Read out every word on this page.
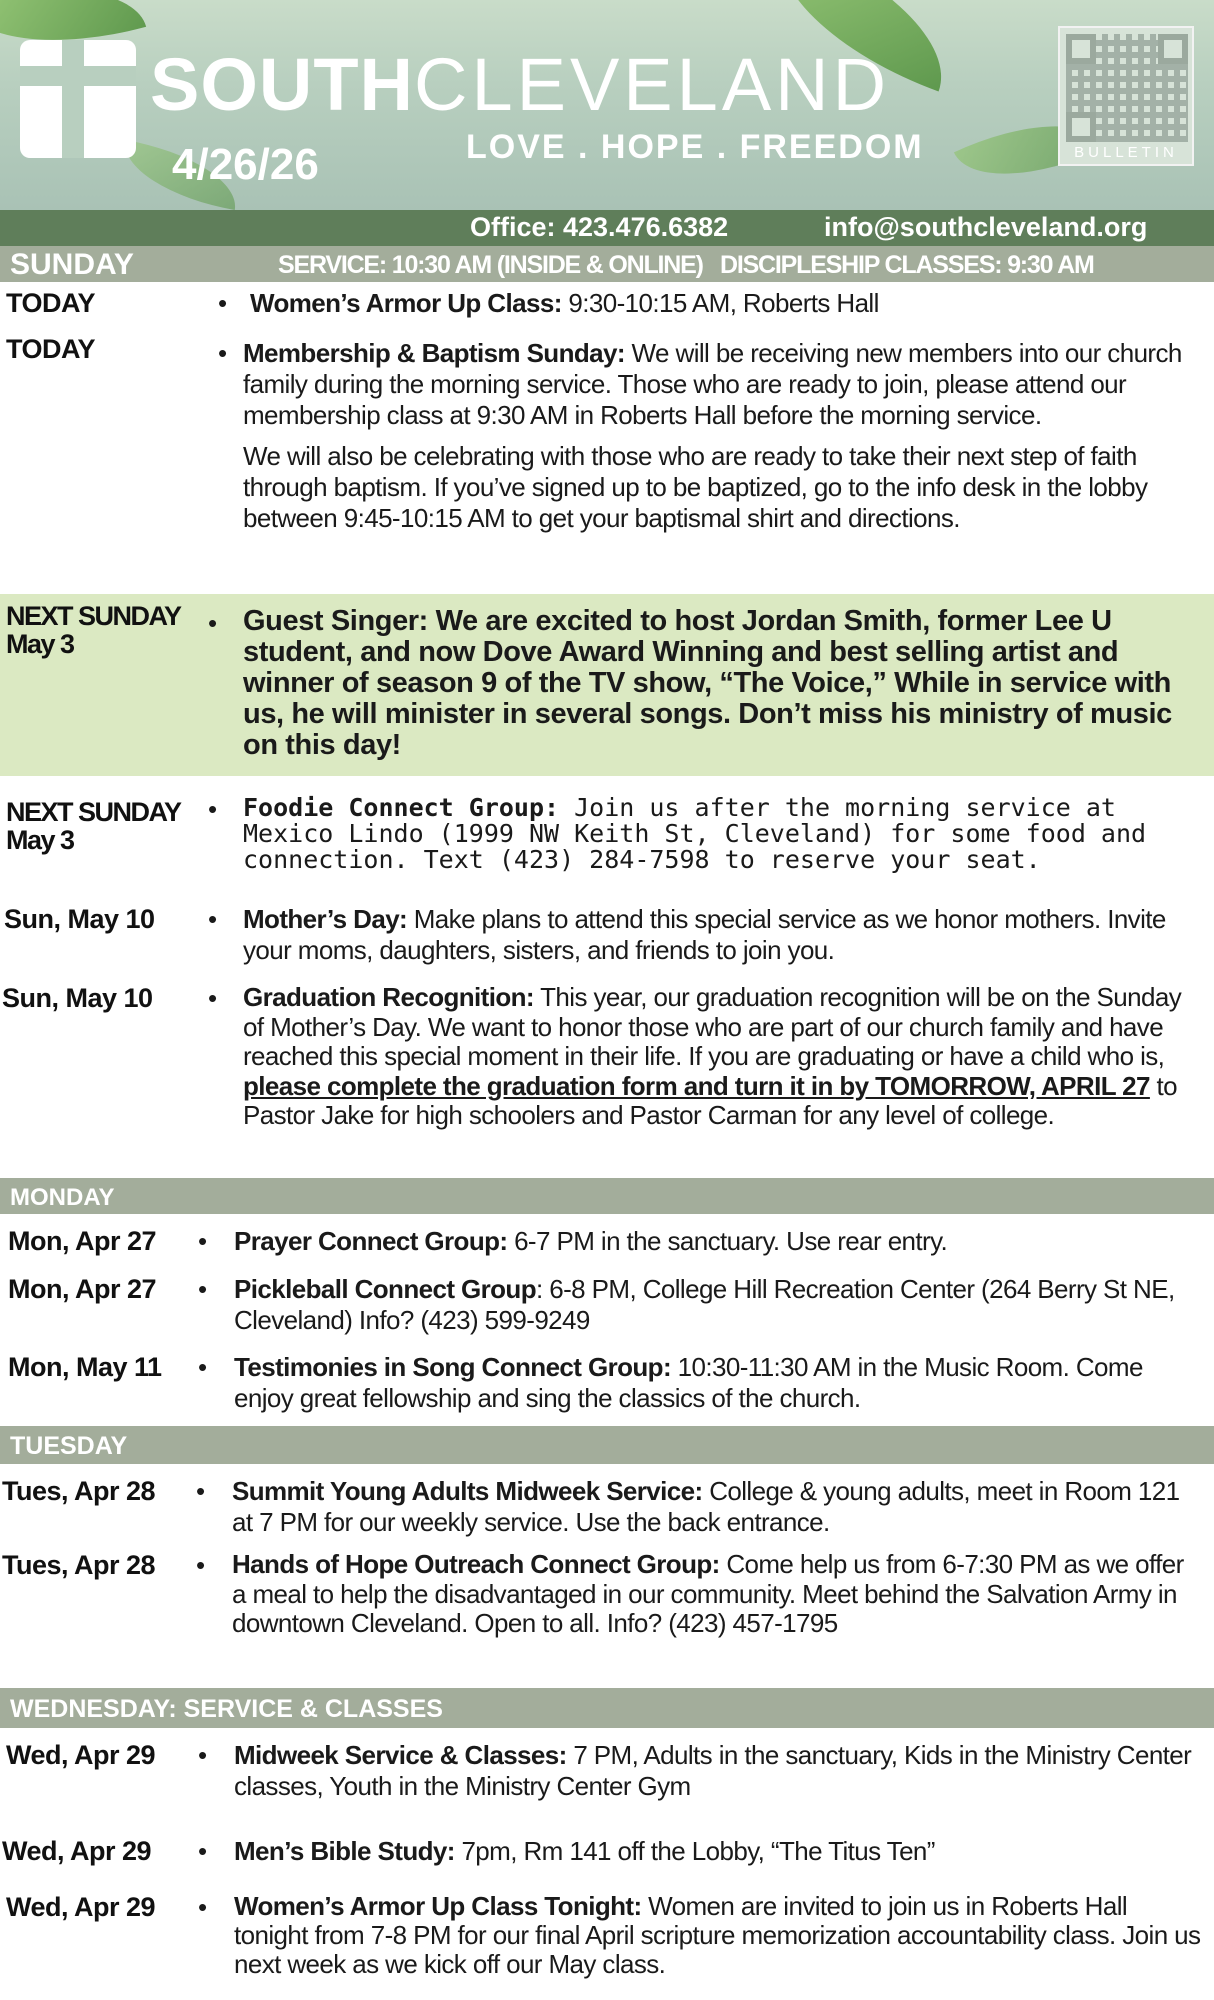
SOUTHCLEVELAND
4/26/26	LOVE . HOPE . FREEDOM	BULLETIN
Office: 423.476.6382	info@southcleveland.org
SUNDAY	SERVICE: 10:30 AM (INSIDE & ONLINE)   DISCIPLESHIP CLASSES: 9:30 AM
TODAY	• Women’s Armor Up Class: 9:30-10:15 AM, Roberts Hall
TODAY	• Membership & Baptism Sunday: We will be receiving new members into our church family during the morning service. Those who are ready to join, please attend our membership class at 9:30 AM in Roberts Hall before the morning service.
We will also be celebrating with those who are ready to take their next step of faith through baptism. If you’ve signed up to be baptized, go to the info desk in the lobby between 9:45-10:15 AM to get your baptismal shirt and directions.
NEXT SUNDAY
May 3
• Guest Singer: We are excited to host Jordan Smith, former Lee U student, and now Dove Award Winning and best selling artist and winner of season 9 of the TV show, “The Voice,” While in service with us, he will minister in several songs. Don’t miss his ministry of music on this day!
NEXT SUNDAY
May 3
• Foodie Connect Group: Join us after the morning service at Mexico Lindo (1999 NW Keith St, Cleveland) for some food and connection. Text (423) 284-7598 to reserve your seat.
Sun, May 10 • Mother’s Day: Make plans to attend this special service as we honor mothers. Invite your moms, daughters, sisters, and friends to join you.
Sun, May 10 • Graduation Recognition: This year, our graduation recognition will be on the Sunday of Mother’s Day. We want to honor those who are part of our church family and have reached this special moment in their life. If you are graduating or have a child who is, please complete the graduation form and turn it in by TOMORROW, APRIL 27 to Pastor Jake for high schoolers and Pastor Carman for any level of college.
MONDAY
Mon, Apr 27 • Prayer Connect Group: 6-7 PM in the sanctuary. Use rear entry.
Mon, Apr 27 • Pickleball Connect Group: 6-8 PM, College Hill Recreation Center (264 Berry St NE, Cleveland) Info? (423) 599-9249
Mon, May 11 • Testimonies in Song Connect Group: 10:30-11:30 AM in the Music Room. Come enjoy great fellowship and sing the classics of the church.
TUESDAY
Tues, Apr 28 • Summit Young Adults Midweek Service: College & young adults, meet in Room 121 at 7 PM for our weekly service. Use the back entrance.
Tues, Apr 28 • Hands of Hope Outreach Connect Group: Come help us from 6-7:30 PM as we offer a meal to help the disadvantaged in our community. Meet behind the Salvation Army in downtown Cleveland. Open to all. Info? (423) 457-1795
WEDNESDAY: SERVICE & CLASSES
Wed, Apr 29 • Midweek Service & Classes: 7 PM, Adults in the sanctuary, Kids in the Ministry Center classes, Youth in the Ministry Center Gym
Wed, Apr 29 • Men’s Bible Study: 7pm, Rm 141 off the Lobby, “The Titus Ten”
Wed, Apr 29 • Women’s Armor Up Class Tonight: Women are invited to join us in Roberts Hall tonight from 7-8 PM for our final April scripture memorization accountability class. Join us next week as we kick off our May class.
